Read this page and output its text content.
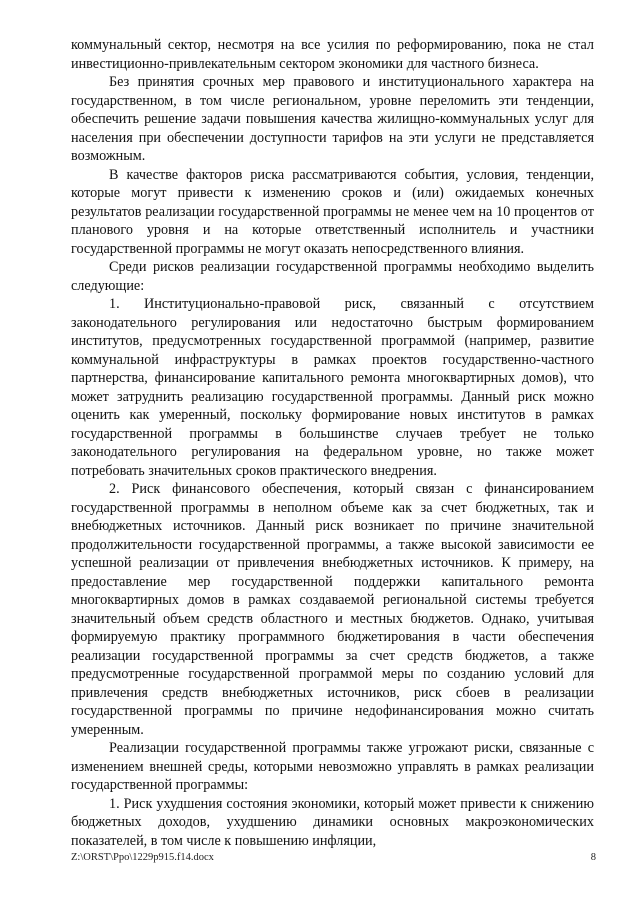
коммунальный сектор, несмотря на все усилия по реформированию, пока не стал инвестиционно-привлекательным сектором экономики для частного бизнеса.

Без принятия срочных мер правового и институционального характера на государственном, в том числе региональном, уровне переломить эти тенденции, обеспечить решение задачи повышения качества жилищно-коммунальных услуг для населения при обеспечении доступности тарифов на эти услуги не представляется возможным.

В качестве факторов риска рассматриваются события, условия, тенденции, которые могут привести к изменению сроков и (или) ожидаемых конечных результатов реализации государственной программы не менее чем на 10 процентов от планового уровня и на которые ответственный исполнитель и участники государственной программы не могут оказать непосредственного влияния.

Среди рисков реализации государственной программы необходимо выделить следующие:

1. Институционально-правовой риск, связанный с отсутствием законодательного регулирования или недостаточно быстрым формированием институтов, предусмотренных государственной программой (например, развитие коммунальной инфраструктуры в рамках проектов государственно-частного партнерства, финансирование капитального ремонта многоквартирных домов), что может затруднить реализацию государственной программы. Данный риск можно оценить как умеренный, поскольку формирование новых институтов в рамках государственной программы в большинстве случаев требует не только законодательного регулирования на федеральном уровне, но также может потребовать значительных сроков практического внедрения.

2. Риск финансового обеспечения, который связан с финансированием государственной программы в неполном объеме как за счет бюджетных, так и внебюджетных источников. Данный риск возникает по причине значительной продолжительности государственной программы, а также высокой зависимости ее успешной реализации от привлечения внебюджетных источников. К примеру, на предоставление мер государственной поддержки капитального ремонта многоквартирных домов в рамках создаваемой региональной системы требуется значительный объем средств областного и местных бюджетов. Однако, учитывая формируемую практику программного бюджетирования в части обеспечения реализации государственной программы за счет средств бюджетов, а также предусмотренные государственной программой меры по созданию условий для привлечения средств внебюджетных источников, риск сбоев в реализации государственной программы по причине недофинансирования можно считать умеренным.

Реализации государственной программы также угрожают риски, связанные с изменением внешней среды, которыми невозможно управлять в рамках реализации государственной программы:

1. Риск ухудшения состояния экономики, который может привести к снижению бюджетных доходов, ухудшению динамики основных макроэкономических показателей, в том числе к повышению инфляции,

Z:\ORST\Ppo\1229p915.f14.docx	8
